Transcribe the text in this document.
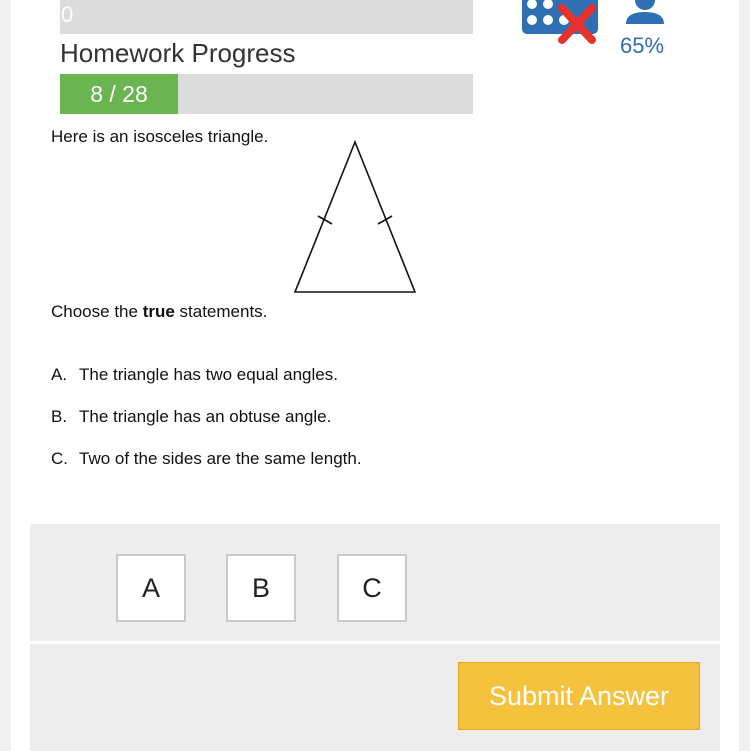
0
Homework Progress
8 / 28
65%
Here is an isosceles triangle.
Choose the true statements.
A. The triangle has two equal angles.
B. The triangle has an obtuse angle.
C. Two of the sides are the same length.
A	B	C
Submit Answer
